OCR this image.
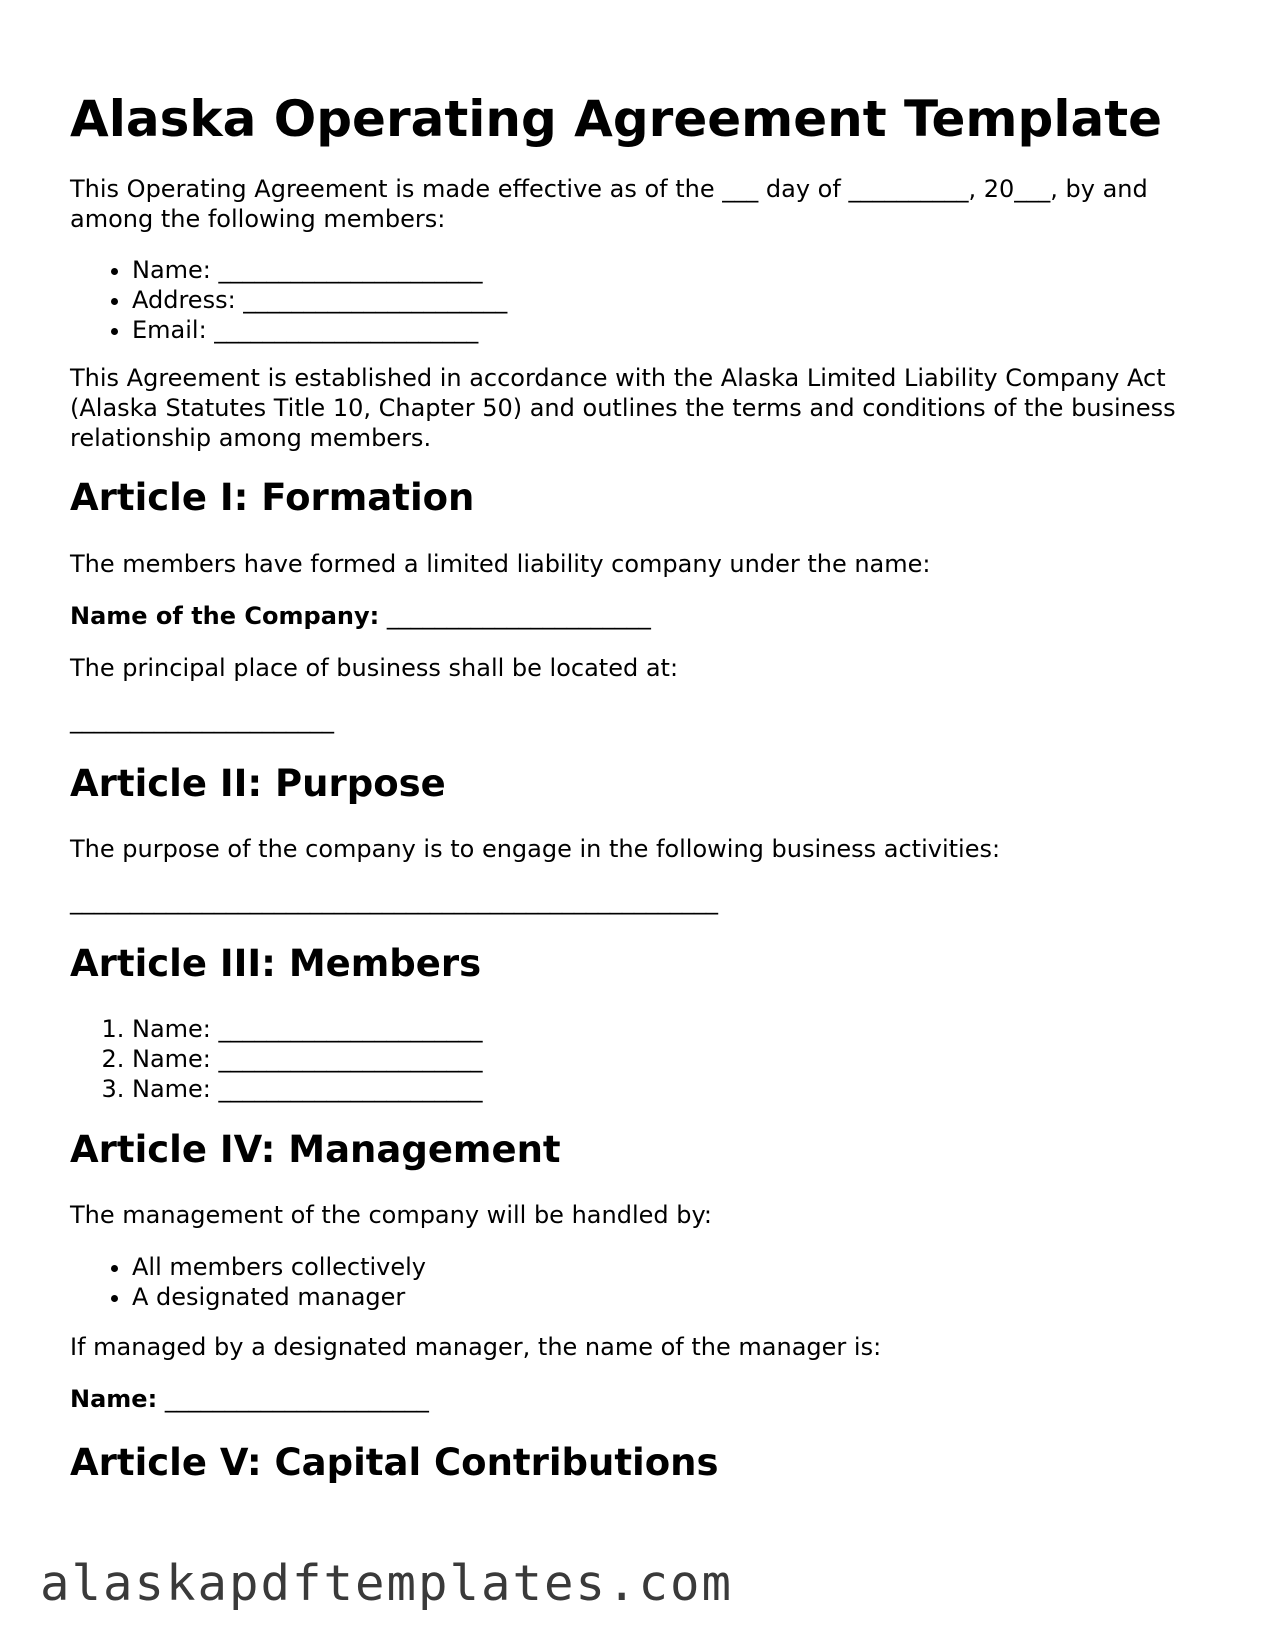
Alaska Operating Agreement Template

This Operating Agreement is made effective as of the ___ day of __________, 20___, by and among the following members:

• Name: ______________________
• Address: ______________________
• Email: ______________________

This Agreement is established in accordance with the Alaska Limited Liability Company Act (Alaska Statutes Title 10, Chapter 50) and outlines the terms and conditions of the business relationship among members.

Article I: Formation

The members have formed a limited liability company under the name:

Name of the Company: ______________________

The principal place of business shall be located at:

______________________

Article II: Purpose

The purpose of the company is to engage in the following business activities:

______________________________________________________

Article III: Members
1. Name: ______________________
2. Name: ______________________
3. Name: ______________________
Article IV: Management

The management of the company will be handled by:

• All members collectively
• A designated manager

If managed by a designated manager, the name of the manager is:

Name: ______________________

Article V: Capital Contributions
alaskapdftemplates.com
